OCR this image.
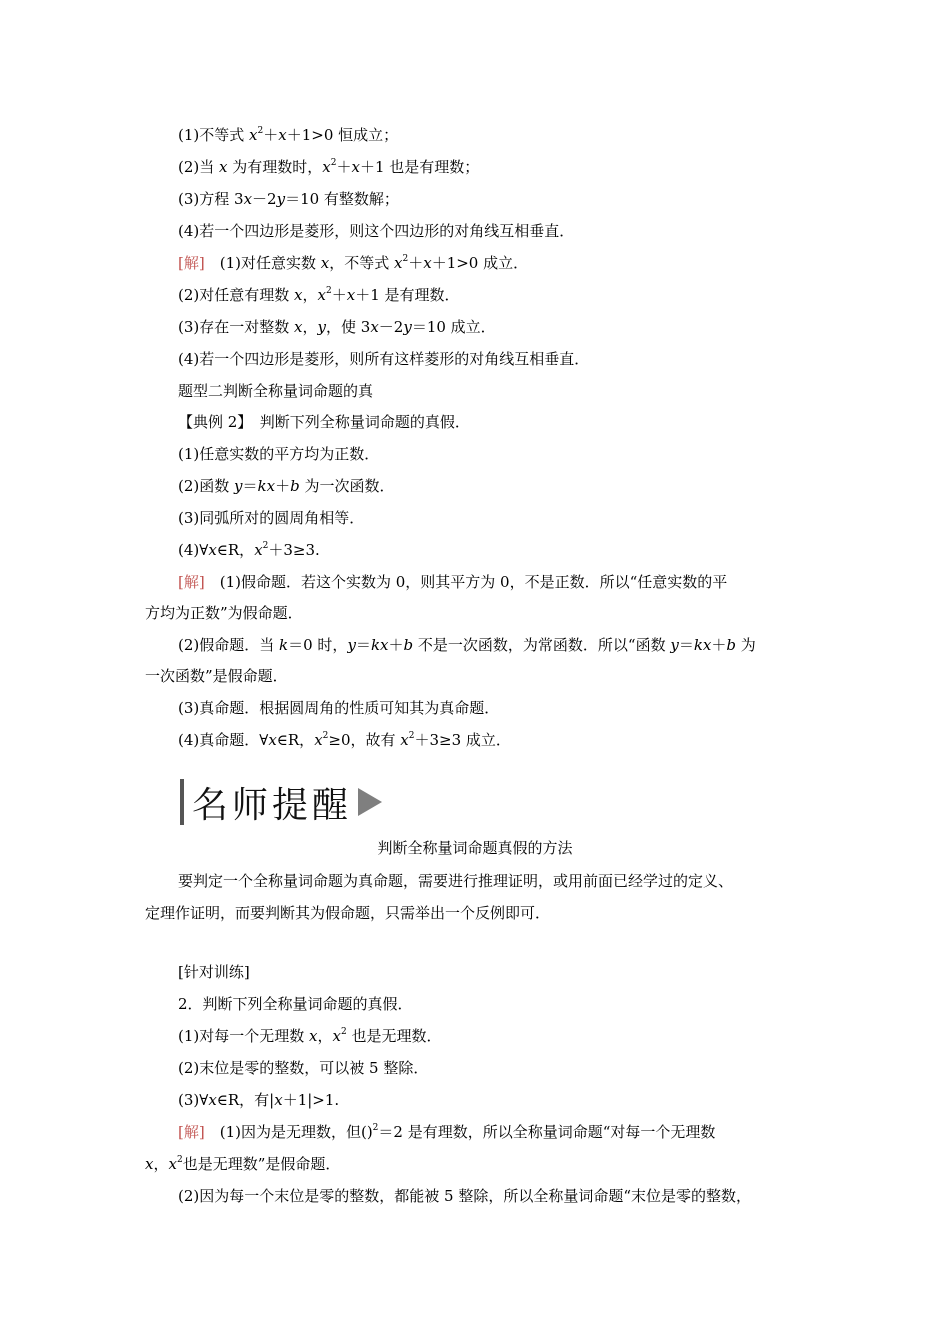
(1)不等式 $x^2+x+1>0$ 恒成立；
(2)当 x 为有理数时，$x^2+x+1$ 也是有理数；
(3)方程 3x－2y＝10 有整数解；
(4)若一个四边形是菱形，则这个四边形的对角线互相垂直．
[解]　(1)对任意实数 x，不等式 $x^2+x+1>0$ 成立．
(2)对任意有理数 x，$x^2+x+1$ 是有理数．
(3)存在一对整数 x，y，使 3x－2y＝10 成立．
(4)若一个四边形是菱形，则所有这样菱形的对角线互相垂直．
题型二判断全称量词命题的真
【典例 2】　判断下列全称量词命题的真假．
(1)任意实数的平方均为正数．
(2)函数 y＝kx＋b 为一次函数．
(3)同弧所对的圆周角相等．
(4)∀x∈R，$x^2+3\ge 3$.
[解]　(1)假命题．若这个实数为 0，则其平方为 0，不是正数．所以“任意实数的平
方均为正数”为假命题．
(2)假命题．当 k＝0 时，y＝kx＋b 不是一次函数，为常函数．所以“函数 y＝kx＋b 为
一次函数”是假命题．
(3)真命题．根据圆周角的性质可知其为真命题．
(4)真命题．∀x∈R，$x^2\ge 0$，故有 $x^2+3\ge 3$ 成立．
名师提醒
判断全称量词命题真假的方法
要判定一个全称量词命题为真命题，需要进行推理证明，或用前面已经学过的定义、
定理作证明，而要判断其为假命题，只需举出一个反例即可．
[针对训练]
2．判断下列全称量词命题的真假．
(1)对每一个无理数 x，$x^2$ 也是无理数．
(2)末位是零的整数，可以被 5 整除．
(3)∀x∈R，有|x＋1|>1.
[解]　(1)因为是无理数，但()$^2$＝2 是有理数，所以全称量词命题“对每一个无理数
x，$x^2$也是无理数”是假命题．
(2)因为每一个末位是零的整数，都能被 5 整除，所以全称量词命题“末位是零的整数，
